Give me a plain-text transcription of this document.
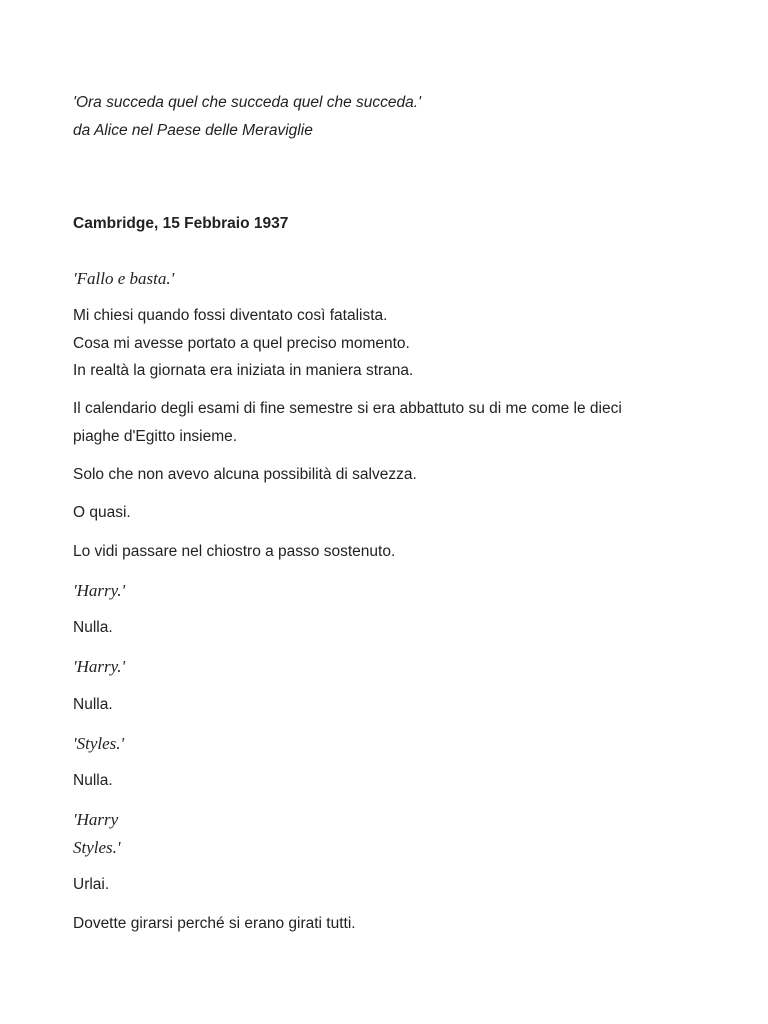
'Ora succeda quel che succeda quel che succeda.'
da Alice nel Paese delle Meraviglie
Cambridge, 15 Febbraio 1937
'Fallo e basta.'
Mi chiesi quando fossi diventato così fatalista.
Cosa mi avesse portato a quel preciso momento.
In realtà la giornata era iniziata in maniera strana.
Il calendario degli esami di fine semestre si era abbattuto su di me come le dieci
piaghe d'Egitto insieme.
Solo che non avevo alcuna possibilità di salvezza.
O quasi.
Lo vidi passare nel chiostro a passo sostenuto.
'Harry.'
Nulla.
'Harry.'
Nulla.
'Styles.'
Nulla.
'Harry
Styles.'
Urlai.
Dovette girarsi perché si erano girati tutti.
